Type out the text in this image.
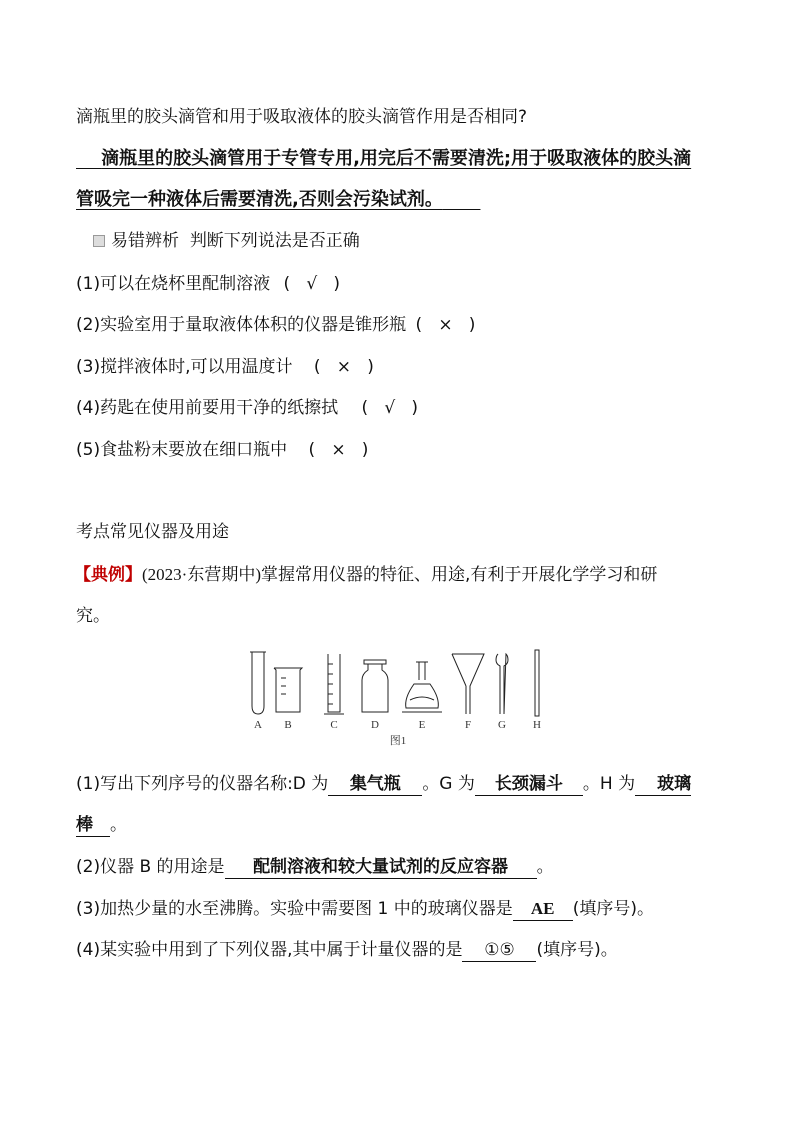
滴瓶里的胶头滴管和用于吸取液体的胶头滴管作用是否相同?
滴瓶里的胶头滴管用于专管专用,用完后不需要清洗;用于吸取液体的胶头滴
管吸完一种液体后需要清洗,否则会污染试剂。
易错辨析 判断下列说法是否正确
(1)可以在烧杯里配制溶液 (   √   )
(2)实验室用于量取液体体积的仪器是锥形瓶 (   ×   )
(3)搅拌液体时,可以用温度计 (   ×   )
(4)药匙在使用前要用干净的纸擦拭 (   √   )
(5)食盐粉末要放在细口瓶中 (   ×   )
考点常见仪器及用途
【典例】(2023·东营期中)掌握常用仪器的特征、用途,有利于开展化学学习和研
究。
A B	C	D	E	F G H
图1
(1)写出下列序号的仪器名称:D 为 集气瓶 。G 为 长颈漏斗 。H 为 玻璃
棒 。
(2)仪器 B 的用途是 配制溶液和较大量试剂的反应容器 。
(3)加热少量的水至沸腾。实验中需要图 1 中的玻璃仪器是 AE (填序号)。
(4)某实验中用到了下列仪器,其中属于计量仪器的是 ①⑤ (填序号)。
